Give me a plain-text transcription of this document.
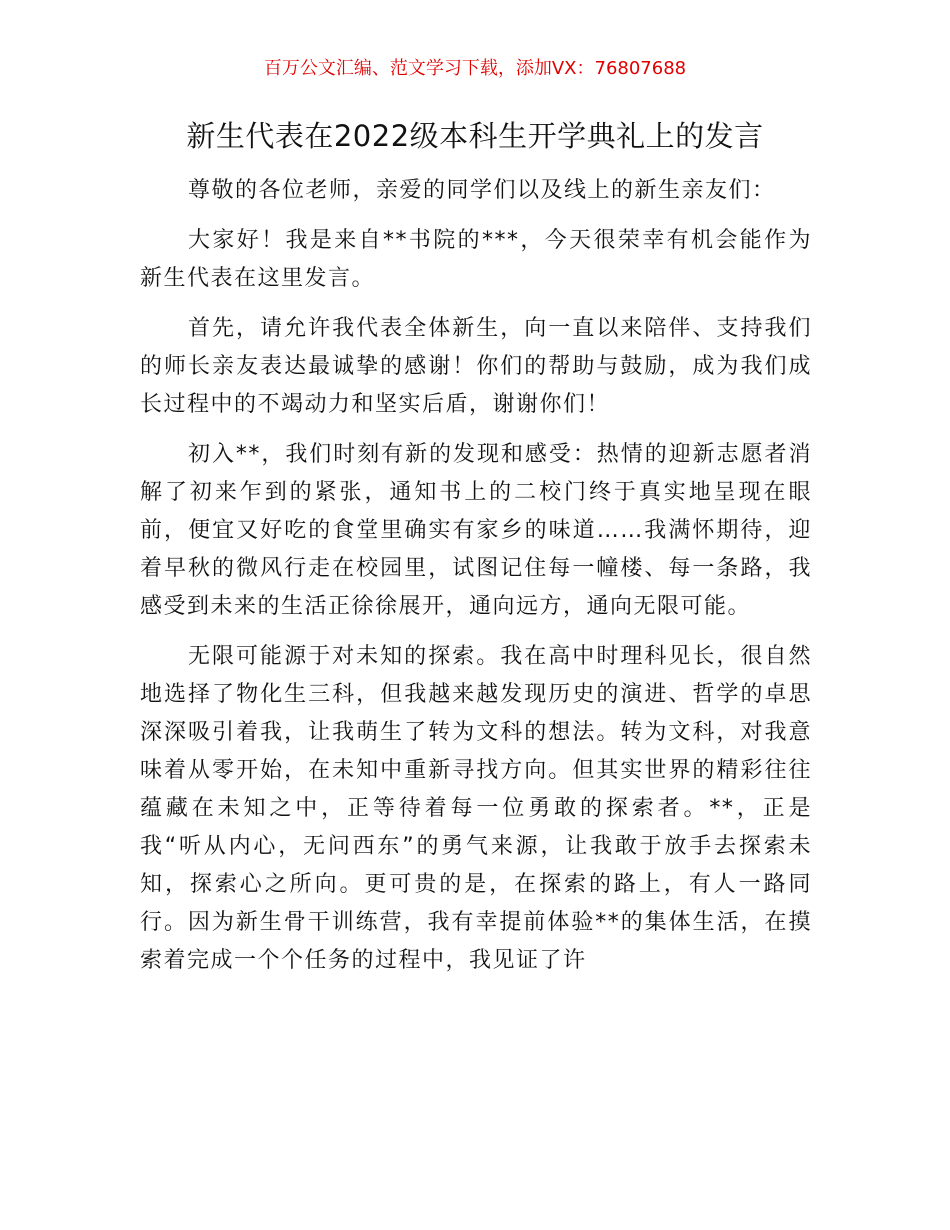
百万公文汇编、范文学习下载，添加VX：76807688
新生代表在2022级本科生开学典礼上的发言

尊敬的各位老师，亲爱的同学们以及线上的新生亲友们：

大家好！我是来自**书院的***，今天很荣幸有机会能作为新生代表在这里发言。

首先，请允许我代表全体新生，向一直以来陪伴、支持我们的师长亲友表达最诚挚的感谢！你们的帮助与鼓励，成为我们成长过程中的不竭动力和坚实后盾，谢谢你们！

初入**，我们时刻有新的发现和感受：热情的迎新志愿者消解了初来乍到的紧张，通知书上的二校门终于真实地呈现在眼前，便宜又好吃的食堂里确实有家乡的味道……我满怀期待，迎着早秋的微风行走在校园里，试图记住每一幢楼、每一条路，我感受到未来的生活正徐徐展开，通向远方，通向无限可能。

无限可能源于对未知的探索。我在高中时理科见长，很自然地选择了物化生三科，但我越来越发现历史的演进、哲学的卓思深深吸引着我，让我萌生了转为文科的想法。转为文科，对我意味着从零开始，在未知中重新寻找方向。但其实世界的精彩往往蕴藏在未知之中，正等待着每一位勇敢的探索者。**，正是我“听从内心，无问西东”的勇气来源，让我敢于放手去探索未知，探索心之所向。更可贵的是，在探索的路上，有人一路同行。因为新生骨干训练营，我有幸提前体验**的集体生活，在摸索着完成一个个任务的过程中，我见证了许
